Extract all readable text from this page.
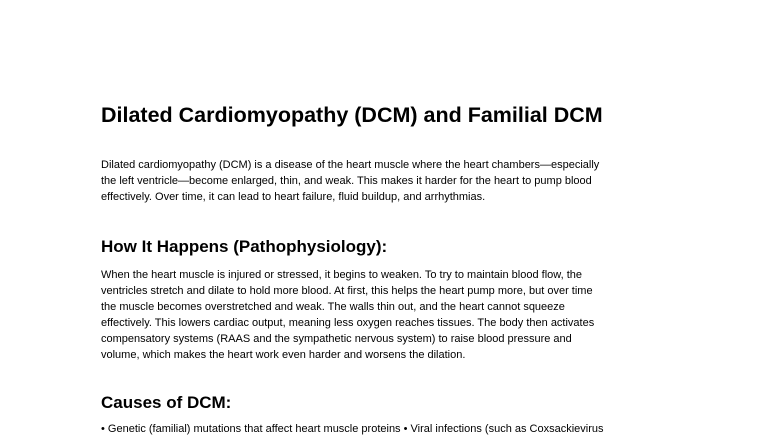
Dilated Cardiomyopathy (DCM) and Familial DCM

Dilated cardiomyopathy (DCM) is a disease of the heart muscle where the heart chambers—especially
the left ventricle—become enlarged, thin, and weak. This makes it harder for the heart to pump blood
effectively. Over time, it can lead to heart failure, fluid buildup, and arrhythmias.

How It Happens (Pathophysiology):

When the heart muscle is injured or stressed, it begins to weaken. To try to maintain blood flow, the
ventricles stretch and dilate to hold more blood. At first, this helps the heart pump more, but over time
the muscle becomes overstretched and weak. The walls thin out, and the heart cannot squeeze
effectively. This lowers cardiac output, meaning less oxygen reaches tissues. The body then activates
compensatory systems (RAAS and the sympathetic nervous system) to raise blood pressure and
volume, which makes the heart work even harder and worsens the dilation.

Causes of DCM:

• Genetic (familial) mutations that affect heart muscle proteins • Viral infections (such as Coxsackievirus
